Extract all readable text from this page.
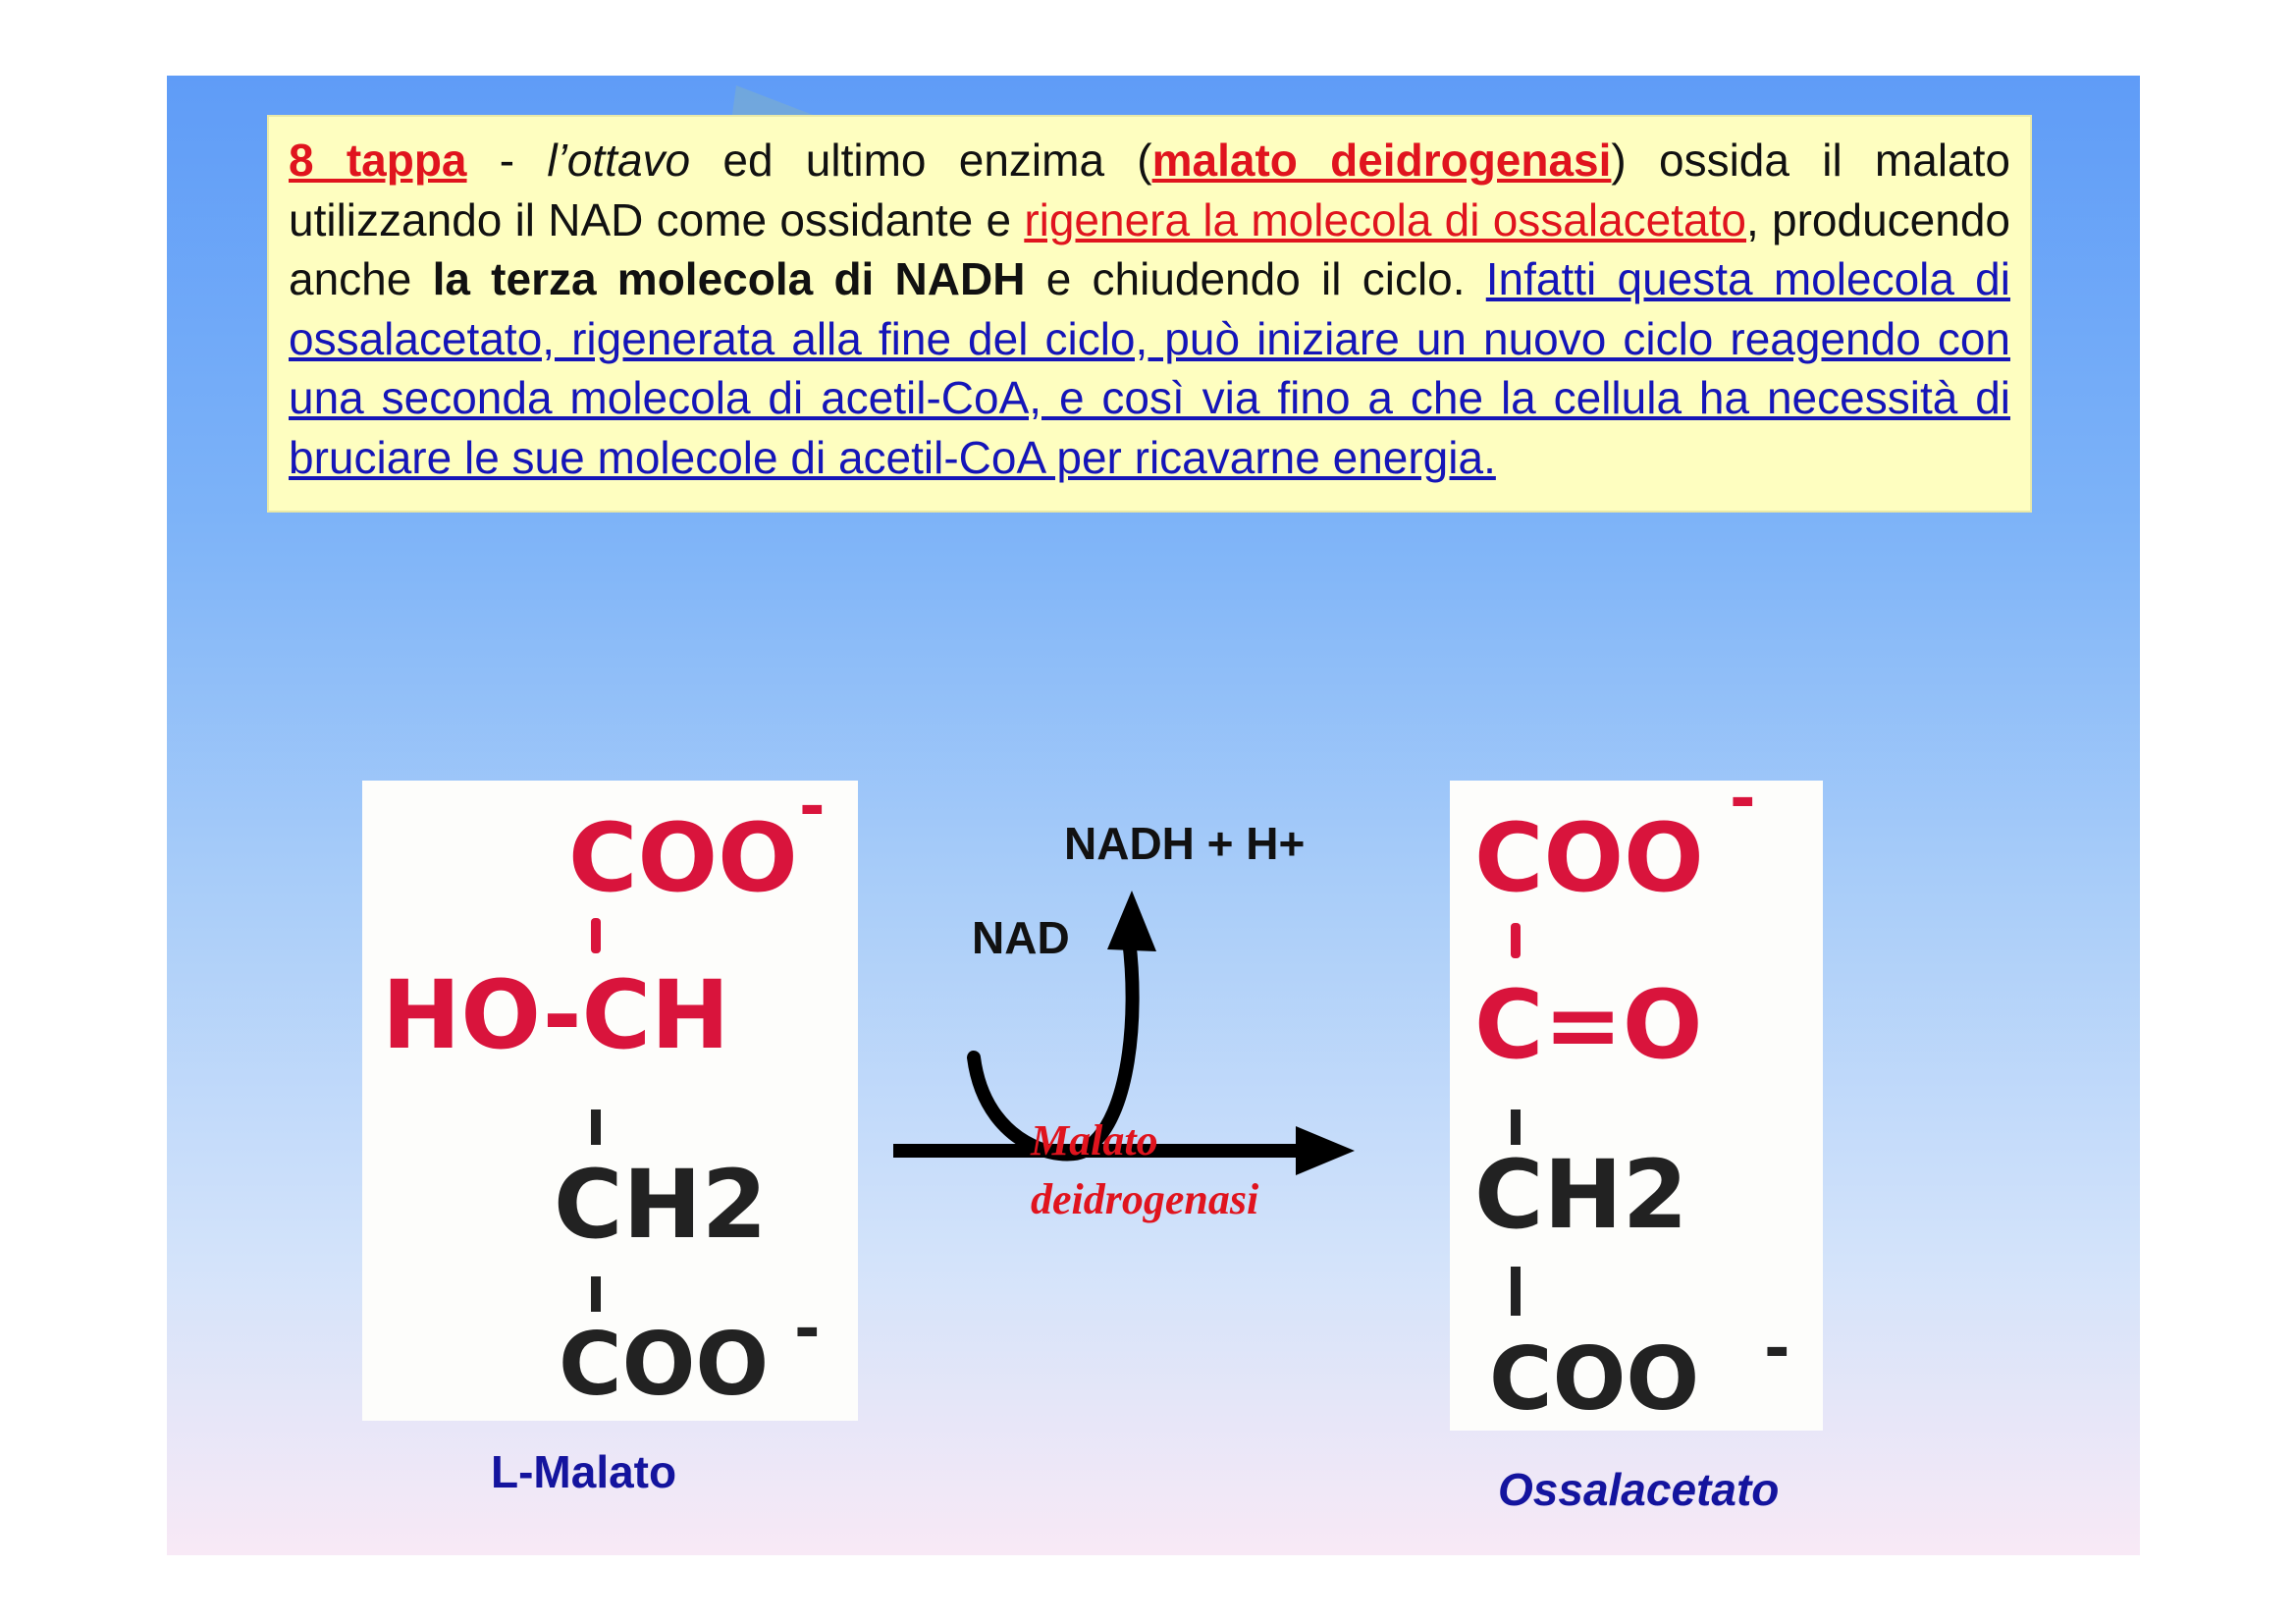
8 tappa - l’ottavo ed ultimo enzima (malato deidrogenasi) ossida il malato utilizzando il NAD come ossidante e rigenera la molecola di ossalacetato, producendo anche la terza molecola di NADH e chiudendo il ciclo. Infatti questa molecola di ossalacetato, rigenerata alla fine del ciclo, può iniziare un nuovo ciclo reagendo con una seconda molecola di acetil-CoA, e così via fino a che la cellula ha necessità di bruciare le sue molecole di acetil-CoA per ricavarne energia.

COO -
HO-CH
CH2
COO -
L-Malato
NADH + H+
NAD
Malato
deidrogenasi
COO
-
C=O
CH2
COO -
Ossalacetato
